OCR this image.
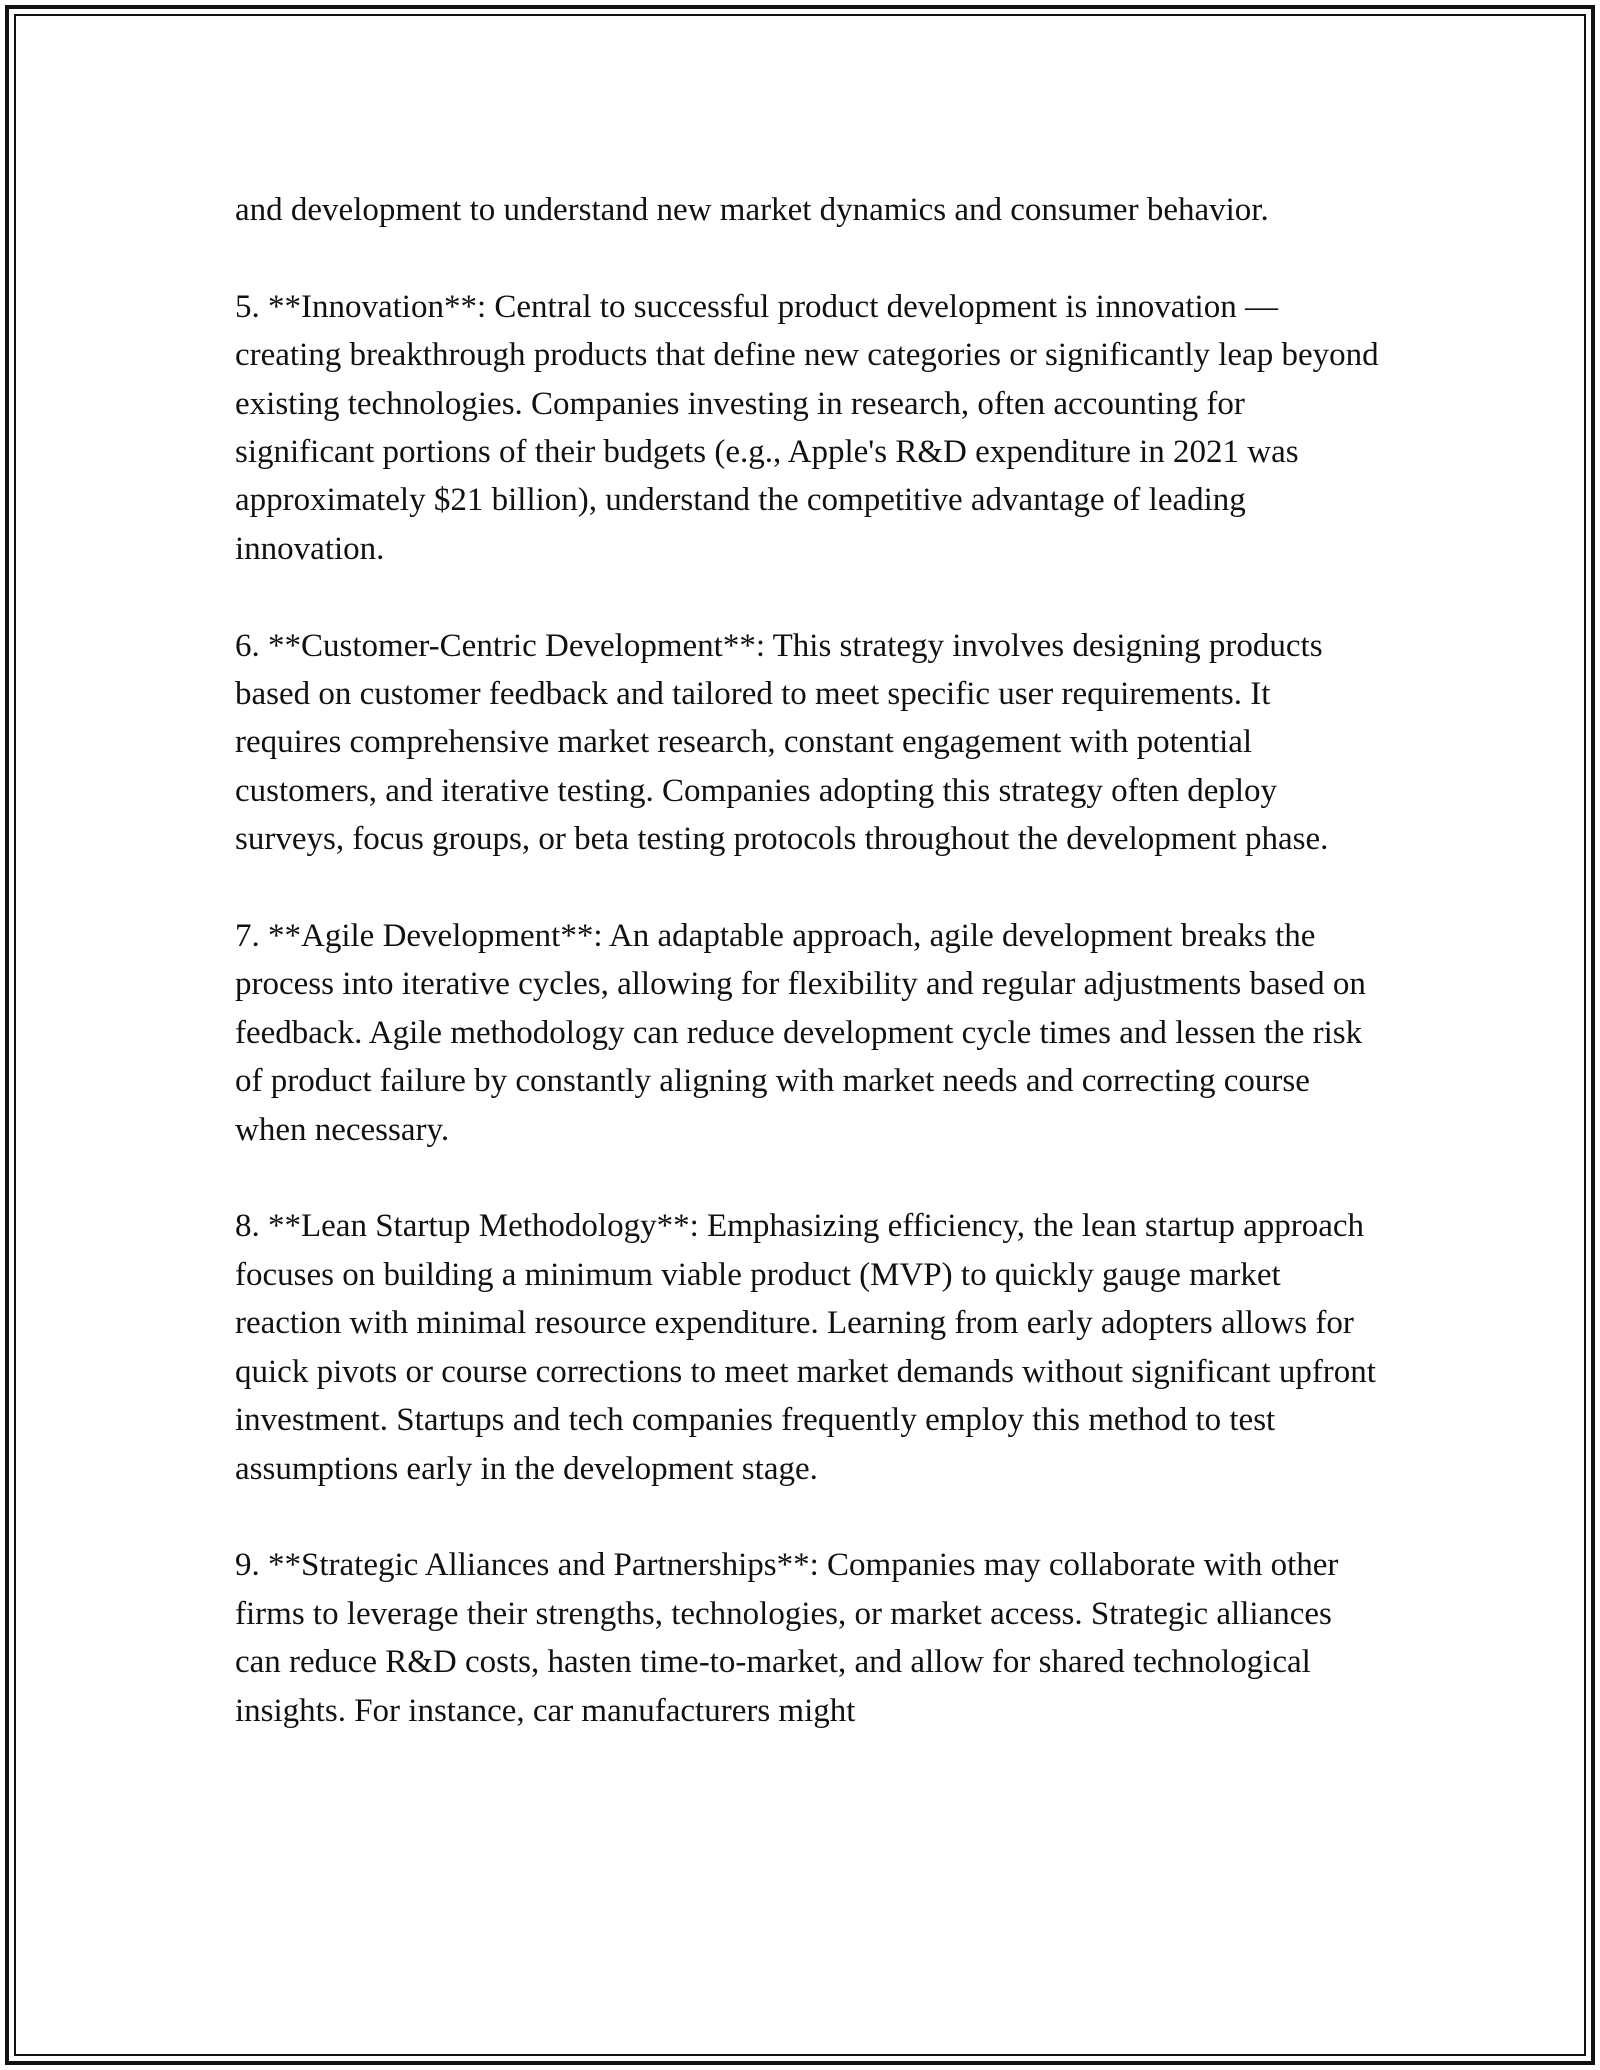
and development to understand new market dynamics and consumer behavior.

5. **Innovation**: Central to successful product development is innovation — creating breakthrough products that define new categories or significantly leap beyond existing technologies. Companies investing in research, often accounting for significant portions of their budgets (e.g., Apple's R&D expenditure in 2021 was approximately $21 billion), understand the competitive advantage of leading innovation.

6. **Customer-Centric Development**: This strategy involves designing products based on customer feedback and tailored to meet specific user requirements. It requires comprehensive market research, constant engagement with potential customers, and iterative testing. Companies adopting this strategy often deploy surveys, focus groups, or beta testing protocols throughout the development phase.

7. **Agile Development**: An adaptable approach, agile development breaks the process into iterative cycles, allowing for flexibility and regular adjustments based on feedback. Agile methodology can reduce development cycle times and lessen the risk of product failure by constantly aligning with market needs and correcting course when necessary.

8. **Lean Startup Methodology**: Emphasizing efficiency, the lean startup approach focuses on building a minimum viable product (MVP) to quickly gauge market reaction with minimal resource expenditure. Learning from early adopters allows for quick pivots or course corrections to meet market demands without significant upfront investment. Startups and tech companies frequently employ this method to test assumptions early in the development stage.

9. **Strategic Alliances and Partnerships**: Companies may collaborate with other firms to leverage their strengths, technologies, or market access. Strategic alliances can reduce R&D costs, hasten time-to-market, and allow for shared technological insights. For instance, car manufacturers might
